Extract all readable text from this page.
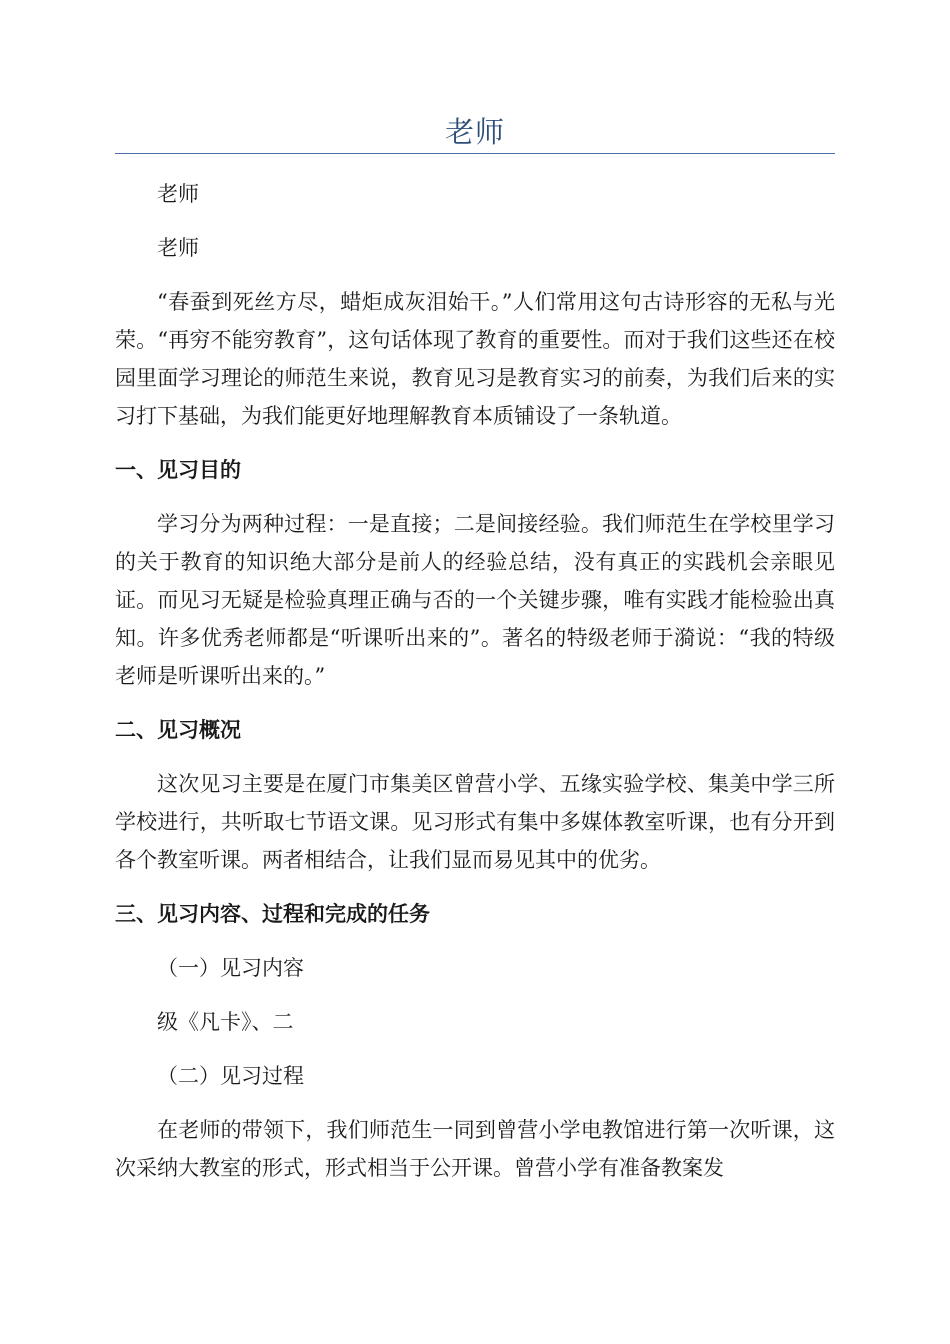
老师

老师

老师

“春蚕到死丝方尽，蜡炬成灰泪始干。”人们常用这句古诗形容的无私与光荣。“再穷不能穷教育”，这句话体现了教育的重要性。而对于我们这些还在校园里面学习理论的师范生来说，教育见习是教育实习的前奏，为我们后来的实习打下基础，为我们能更好地理解教育本质铺设了一条轨道。

一、见习目的

学习分为两种过程：一是直接；二是间接经验。我们师范生在学校里学习的关于教育的知识绝大部分是前人的经验总结，没有真正的实践机会亲眼见证。而见习无疑是检验真理正确与否的一个关键步骤，唯有实践才能检验出真知。许多优秀老师都是“听课听出来的”。著名的特级老师于漪说：“我的特级老师是听课听出来的。”

二、见习概况

这次见习主要是在厦门市集美区曾营小学、五缘实验学校、集美中学三所学校进行，共听取七节语文课。见习形式有集中多媒体教室听课，也有分开到各个教室听课。两者相结合，让我们显而易见其中的优劣。

三、见习内容、过程和完成的任务

（一）见习内容

级《凡卡》、二

（二）见习过程

在老师的带领下，我们师范生一同到曾营小学电教馆进行第一次听课，这次采纳大教室的形式，形式相当于公开课。曾营小学有准备教案发
